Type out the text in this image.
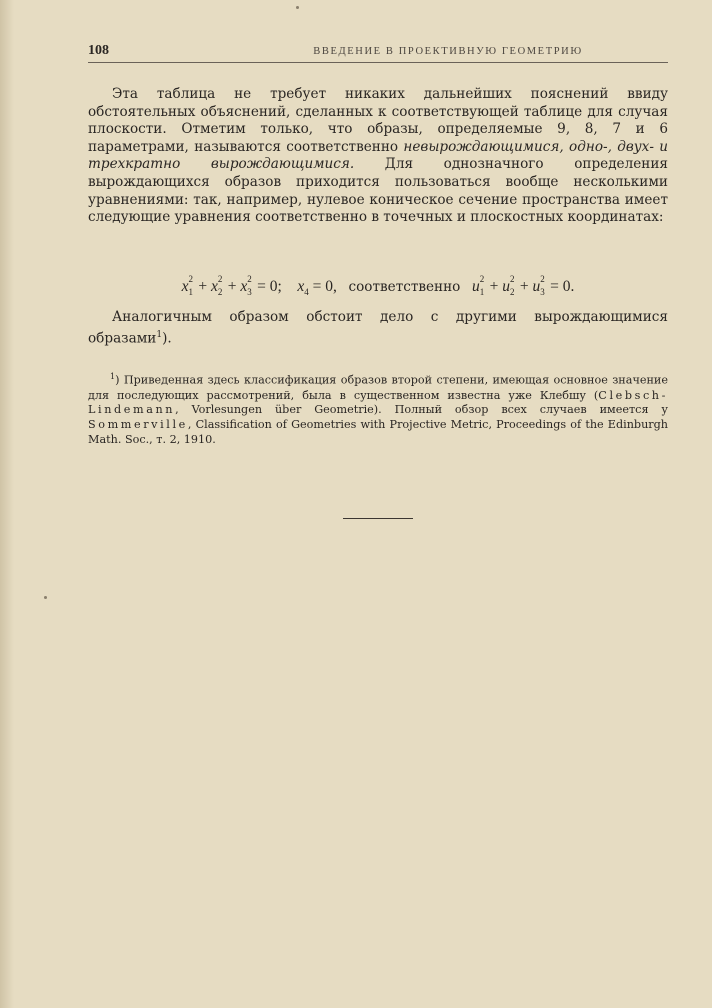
108	ВВЕДЕНИЕ В ПРОЕКТИВНУЮ ГЕОМЕТРИЮ

Эта таблица не требует никаких дальнейших пояснений ввиду обстоятельных объяснений, сделанных к соответствующей таблице для случая плоскости. Отметим только, что образы, определяемые 9, 8, 7 и 6 параметрами, называются соответственно невырождающимися, одно-, двух- и трехкратно вырождающимися. Для однозначного определения вырождающихся образов приходится пользоваться вообще несколькими уравнениями: так, например, нулевое коническое сечение пространства имеет следующие уравнения соответственно в точечных и плоскостных координатах:

x 2
1 + x 2
2 + x 2
3 = 0; $x_4 = 0$, соответственно u 2
1 + u 2
2 + u 2
3 = 0.

Аналогичным образом обстоит дело с другими вырождающимися образами$^1$).

$^1$) Приведенная здесь классификация образов второй степени, имеющая основное значение для последующих рассмотрений, была в существенном известна уже Клебшу (Clebsch-Lindemann, Vorlesungen über Geometrie). Полный обзор всех случаев имеется у Sommerville, Classification of Geometries with Projective Metric, Proceedings of the Edinburgh Math. Soc., т. 2, 1910.
